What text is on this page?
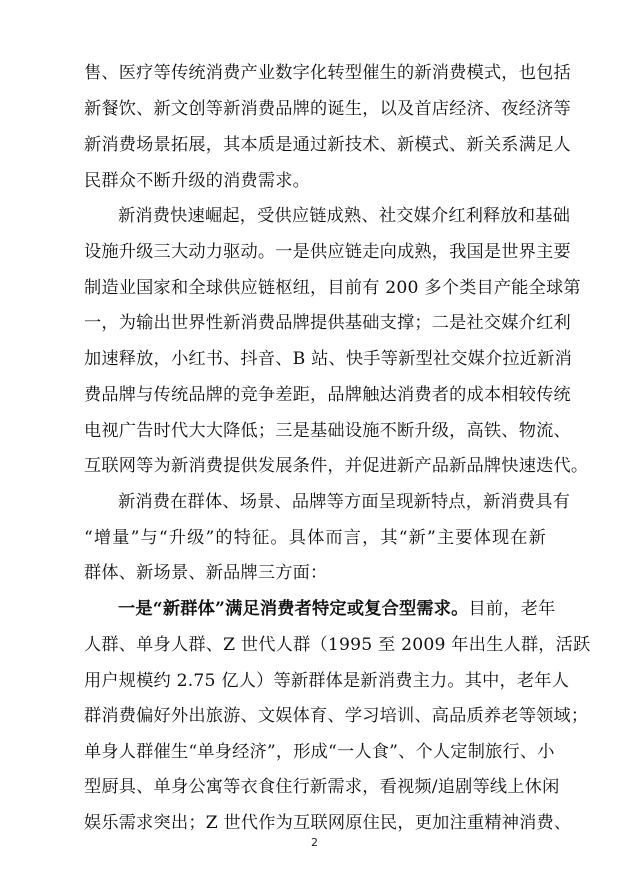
售、医疗等传统消费产业数字化转型催生的新消费模式，也包括
新餐饮、新文创等新消费品牌的诞生，以及首店经济、夜经济等
新消费场景拓展，其本质是通过新技术、新模式、新关系满足人
民群众不断升级的消费需求。
新消费快速崛起，受供应链成熟、社交媒介红利释放和基础
设施升级三大动力驱动。一是供应链走向成熟，我国是世界主要
制造业国家和全球供应链枢纽，目前有 200 多个类目产能全球第
一，为输出世界性新消费品牌提供基础支撑；二是社交媒介红利
加速释放，小红书、抖音、B 站、快手等新型社交媒介拉近新消
费品牌与传统品牌的竞争差距，品牌触达消费者的成本相较传统
电视广告时代大大降低；三是基础设施不断升级，高铁、物流、
互联网等为新消费提供发展条件，并促进新产品新品牌快速迭代。
新消费在群体、场景、品牌等方面呈现新特点，新消费具有
“增量”与“升级”的特征。具体而言，其“新”主要体现在新
群体、新场景、新品牌三方面：
一是“新群体”满足消费者特定或复合型需求。目前，老年
人群、单身人群、Z 世代人群（1995 至 2009 年出生人群，活跃
用户规模约 2.75 亿人）等新群体是新消费主力。其中，老年人
群消费偏好外出旅游、文娱体育、学习培训、高品质养老等领域；
单身人群催生“单身经济”，形成“一人食”、个人定制旅行、小
型厨具、单身公寓等衣食住行新需求，看视频/追剧等线上休闲
娱乐需求突出；Z 世代作为互联网原住民，更加注重精神消费、
2
